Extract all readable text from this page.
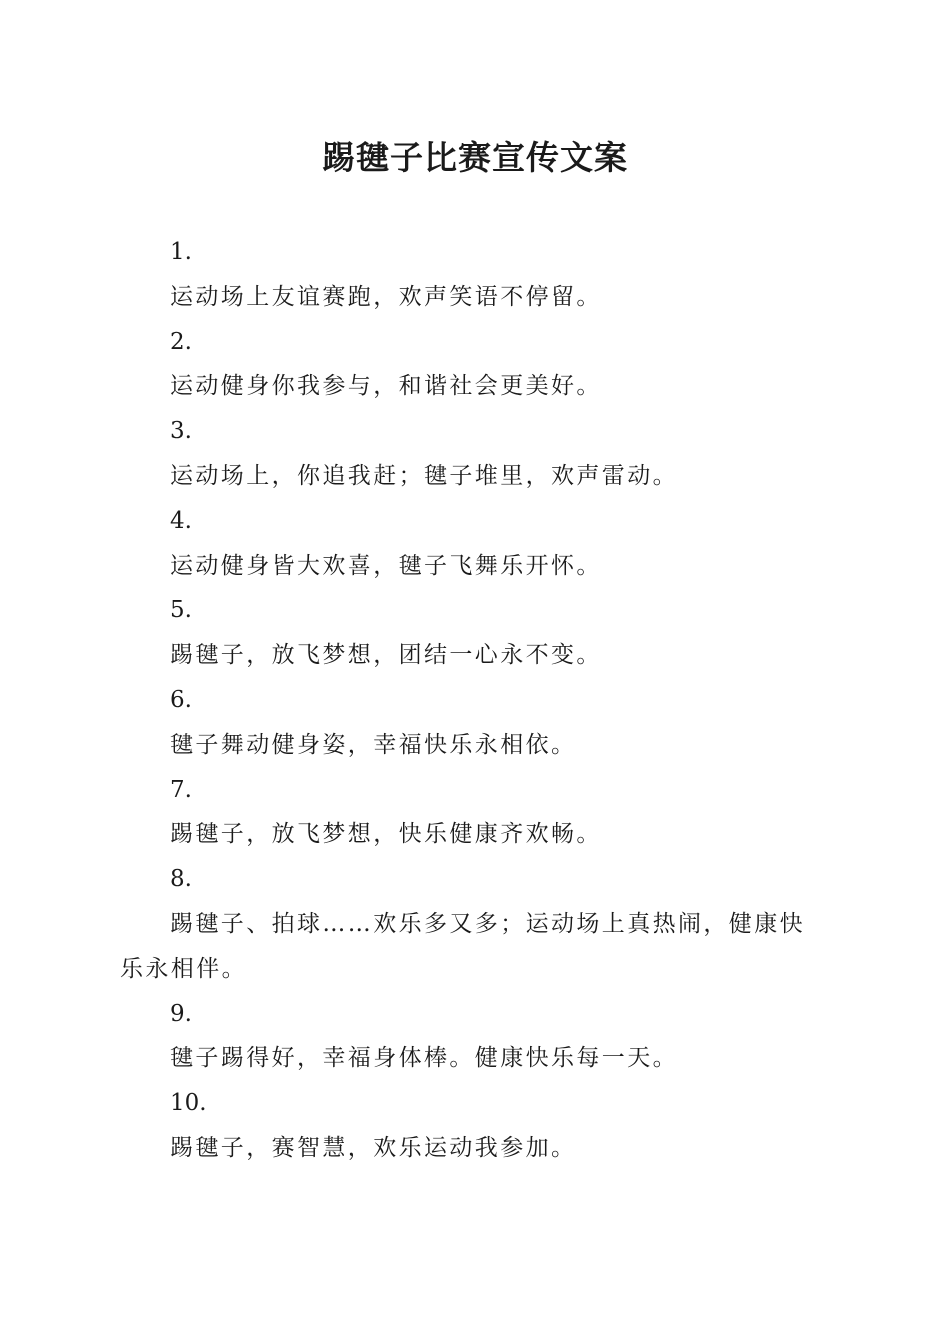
踢毽子比赛宣传文案

1.

运动场上友谊赛跑，欢声笑语不停留。

2.

运动健身你我参与，和谐社会更美好。

3.

运动场上，你追我赶；毽子堆里，欢声雷动。

4.

运动健身皆大欢喜，毽子飞舞乐开怀。

5.

踢毽子，放飞梦想，团结一心永不变。

6.

毽子舞动健身姿，幸福快乐永相依。

7.

踢毽子，放飞梦想，快乐健康齐欢畅。

8.

踢毽子、拍球……欢乐多又多；运动场上真热闹，健康快乐永相伴。

9.

毽子踢得好，幸福身体棒。健康快乐每一天。

10.

踢毽子，赛智慧，欢乐运动我参加。
